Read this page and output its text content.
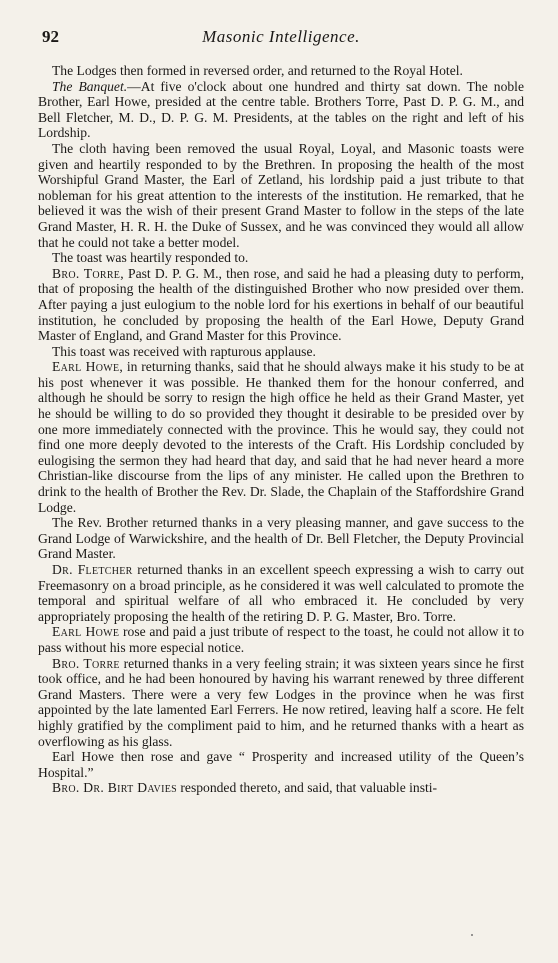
92	Masonic Intelligence.

The Lodges then formed in reversed order, and returned to the Royal Hotel.

The Banquet.—At five o'clock about one hundred and thirty sat down. The noble Brother, Earl Howe, presided at the centre table. Brothers Torre, Past D. P. G. M., and Bell Fletcher, M. D., D. P. G. M. Presidents, at the tables on the right and left of his Lordship.

The cloth having been removed the usual Royal, Loyal, and Masonic toasts were given and heartily responded to by the Brethren. In proposing the health of the most Worshipful Grand Master, the Earl of Zetland, his lordship paid a just tribute to that nobleman for his great attention to the interests of the institution. He remarked, that he believed it was the wish of their present Grand Master to follow in the steps of the late Grand Master, H. R. H. the Duke of Sussex, and he was convinced they would all allow that he could not take a better model.

The toast was heartily responded to.

Bro. Torre, Past D. P. G. M., then rose, and said he had a pleasing duty to perform, that of proposing the health of the distinguished Brother who now presided over them. After paying a just eulogium to the noble lord for his exertions in behalf of our beautiful institution, he concluded by proposing the health of the Earl Howe, Deputy Grand Master of England, and Grand Master for this Province.

This toast was received with rapturous applause.

Earl Howe, in returning thanks, said that he should always make it his study to be at his post whenever it was possible. He thanked them for the honour conferred, and although he should be sorry to resign the high office he held as their Grand Master, yet he should be willing to do so provided they thought it desirable to be presided over by one more immediately connected with the province. This he would say, they could not find one more deeply devoted to the interests of the Craft. His Lordship concluded by eulogising the sermon they had heard that day, and said that he had never heard a more Christian-like discourse from the lips of any minister. He called upon the Brethren to drink to the health of Brother the Rev. Dr. Slade, the Chaplain of the Staffordshire Grand Lodge.

The Rev. Brother returned thanks in a very pleasing manner, and gave success to the Grand Lodge of Warwickshire, and the health of Dr. Bell Fletcher, the Deputy Provincial Grand Master.

Dr. Fletcher returned thanks in an excellent speech expressing a wish to carry out Freemasonry on a broad principle, as he considered it was well calculated to promote the temporal and spiritual welfare of all who embraced it. He concluded by very appropriately proposing the health of the retiring D. P. G. Master, Bro. Torre.

Earl Howe rose and paid a just tribute of respect to the toast, he could not allow it to pass without his more especial notice.

Bro. Torre returned thanks in a very feeling strain; it was sixteen years since he first took office, and he had been honoured by having his warrant renewed by three different Grand Masters. There were a very few Lodges in the province when he was first appointed by the late lamented Earl Ferrers. He now retired, leaving half a score. He felt highly gratified by the compliment paid to him, and he returned thanks with a heart as overflowing as his glass.

Earl Howe then rose and gave “ Prosperity and increased utility of the Queen’s Hospital.”

Bro. Dr. Birt Davies responded thereto, and said, that valuable insti-
